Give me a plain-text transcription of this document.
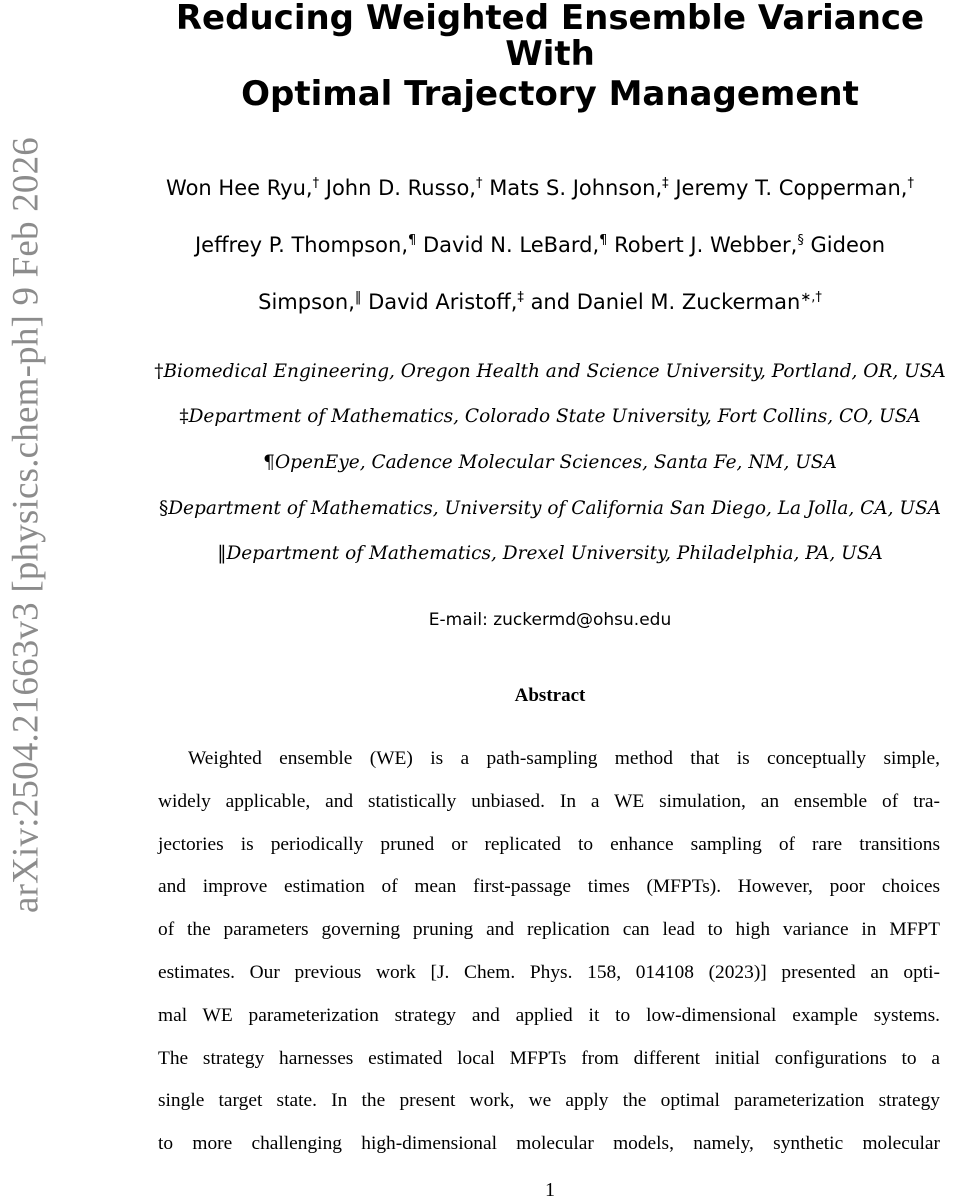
arXiv:2504.21663v3 [physics.chem-ph] 9 Feb 2026
Reducing Weighted Ensemble Variance With
Optimal Trajectory Management
Won Hee Ryu,† John D. Russo,† Mats S. Johnson,‡ Jeremy T. Copperman,†
Jeffrey P. Thompson,¶ David N. LeBard,¶ Robert J. Webber,§ Gideon
Simpson,‖ David Aristoff,‡ and Daniel M. Zuckerman∗,†
†Biomedical Engineering, Oregon Health and Science University, Portland, OR, USA
‡Department of Mathematics, Colorado State University, Fort Collins, CO, USA
¶OpenEye, Cadence Molecular Sciences, Santa Fe, NM, USA
§Department of Mathematics, University of California San Diego, La Jolla, CA, USA
‖Department of Mathematics, Drexel University, Philadelphia, PA, USA
E-mail: zuckermd@ohsu.edu
Abstract
Weighted ensemble (WE) is a path-sampling method that is conceptually simple,
widely applicable, and statistically unbiased. In a WE simulation, an ensemble of tra-
jectories is periodically pruned or replicated to enhance sampling of rare transitions
and improve estimation of mean first-passage times (MFPTs). However, poor choices
of the parameters governing pruning and replication can lead to high variance in MFPT
estimates. Our previous work [J. Chem. Phys. 158, 014108 (2023)] presented an opti-
mal WE parameterization strategy and applied it to low-dimensional example systems.
The strategy harnesses estimated local MFPTs from different initial configurations to a
single target state. In the present work, we apply the optimal parameterization strategy
to more challenging high-dimensional molecular models, namely, synthetic molecular
1
